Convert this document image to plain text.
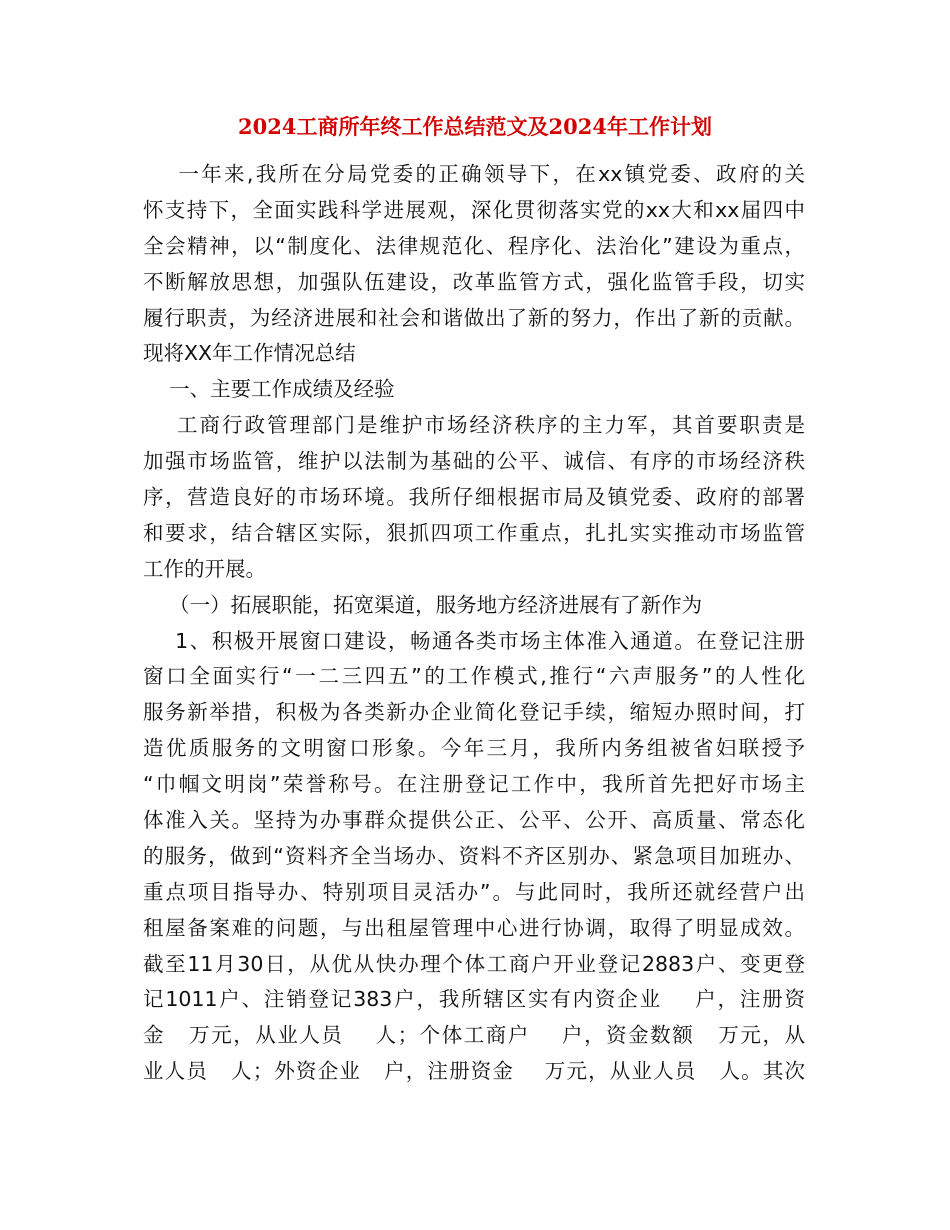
2024工商所年终工作总结范文及2024年工作计划
一年来,我所在分局党委的正确领导下，在xx镇党委、政府的关
怀支持下，全面实践科学进展观，深化贯彻落实党的xx大和xx届四中
全会精神，以“制度化、法律规范化、程序化、法治化”建设为重点，
不断解放思想，加强队伍建设，改革监管方式，强化监管手段，切实
履行职责，为经济进展和社会和谐做出了新的努力，作出了新的贡献。
现将XX年工作情况总结
一、主要工作成绩及经验
工商行政管理部门是维护市场经济秩序的主力军，其首要职责是
加强市场监管，维护以法制为基础的公平、诚信、有序的市场经济秩
序，营造良好的市场环境。我所仔细根据市局及镇党委、政府的部署
和要求，结合辖区实际，狠抓四项工作重点，扎扎实实推动市场监管
工作的开展。
（一）拓展职能，拓宽渠道，服务地方经济进展有了新作为
1、积极开展窗口建设，畅通各类市场主体准入通道。在登记注册
窗口全面实行“一二三四五”的工作模式,推行“六声服务”的人性化
服务新举措，积极为各类新办企业简化登记手续，缩短办照时间，打
造优质服务的文明窗口形象。今年三月，我所内务组被省妇联授予
“巾帼文明岗”荣誉称号。在注册登记工作中，我所首先把好市场主
体准入关。坚持为办事群众提供公正、公平、公开、高质量、常态化
的服务，做到“资料齐全当场办、资料不齐区别办、紧急项目加班办、
重点项目指导办、特别项目灵活办”。与此同时，我所还就经营户出
租屋备案难的问题，与出租屋管理中心进行协调，取得了明显成效。
截至11月30日，从优从快办理个体工商户开业登记2883户、变更登
记1011户、注销登记383户，我所辖区实有内资企业    户，注册资
金   万元，从业人员    人；个体工商户    户，资金数额   万元，从
业人员   人；外资企业   户，注册资金    万元，从业人员   人。其次
